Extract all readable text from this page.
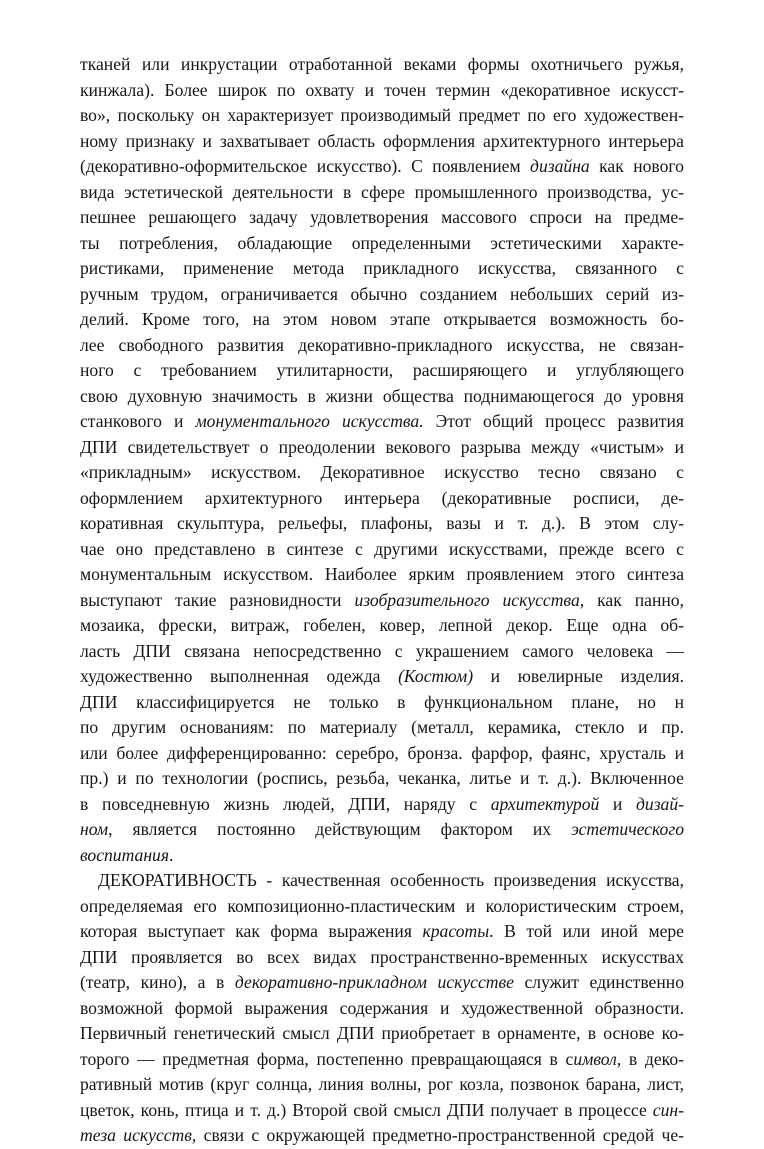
тканей или инкрустации отработанной веками формы охотничьего ружья,
кинжала). Более широк по охвату и точен термин «декоративное искусст-
во», поскольку он характеризует производимый предмет по его художествен-
ному признаку и захватывает область оформления архитектурного интерьера
(декоративно-оформительское искусство). С появлением дизайна как нового
вида эстетической деятельности в сфере промышленного производства, ус-
пешнее решающего задачу удовлетворения массового спроси на предме-
ты потребления, обладающие определенными эстетическими характе-
ристиками, применение метода прикладного искусства, связанного с
ручным трудом, ограничивается обычно созданием небольших серий из-
делий. Кроме того, на этом новом этапе открывается возможность бо-
лее свободного развития декоративно-прикладного искусства, не связан-
ного с требованием утилитарности, расширяющего и углубляющего
свою духовную значимость в жизни общества поднимающегося до уровня
станкового и монументального искусства. Этот общий процесс развития
ДПИ свидетельствует о преодолении векового разрыва между «чистым» и
«прикладным» искусством. Декоративное искусство тесно связано с
оформлением архитектурного интерьера (декоративные росписи, де-
коративная скульптура, рельефы, плафоны, вазы и т. д.). В этом слу-
чае оно представлено в синтезе с другими искусствами, прежде всего с
монументальным искусством. Наиболее ярким проявлением этого синтеза
выступают такие разновидности изобразительного искусства, как панно,
мозаика, фрески, витраж, гобелен, ковер, лепной декор. Еще одна об-
ласть ДПИ связана непосредственно с украшением самого человека —
художественно выполненная одежда (Костюм) и ювелирные изделия.
ДПИ классифицируется не только в функциональном плане, но н
по другим основаниям: по материалу (металл, керамика, стекло и пр.
или более дифференцированно: серебро, бронза. фарфор, фаянс, хрусталь и
пр.) и по технологии (роспись, резьба, чеканка, литье и т. д.). Включенное
в повседневную жизнь людей, ДПИ, наряду с архитектурой и дизай-
ном, является постоянно действующим фактором их эстетического
воспитания.
ДЕКОРАТИВНОСТЬ - качественная особенность произведения искусства,
определяемая его композиционно-пластическим и колористическим строем,
которая выступает как форма выражения красоты. В той или иной мере
ДПИ проявляется во всех видах пространственно-временных искусствах
(театр, кино), а в декоративно-прикладном искусстве служит единственно
возможной формой выражения содержания и художественной образности.
Первичный генетический смысл ДПИ приобретает в орнаменте, в основе ко-
торого — предметная форма, постепенно превращающаяся в символ, в деко-
ративный мотив (круг солнца, линия волны, рог козла, позвонок барана, лист,
цветок, конь, птица и т. д.) Второй свой смысл ДПИ получает в процессе син-
теза искусств, связи с окружающей предметно-пространственной средой че-
